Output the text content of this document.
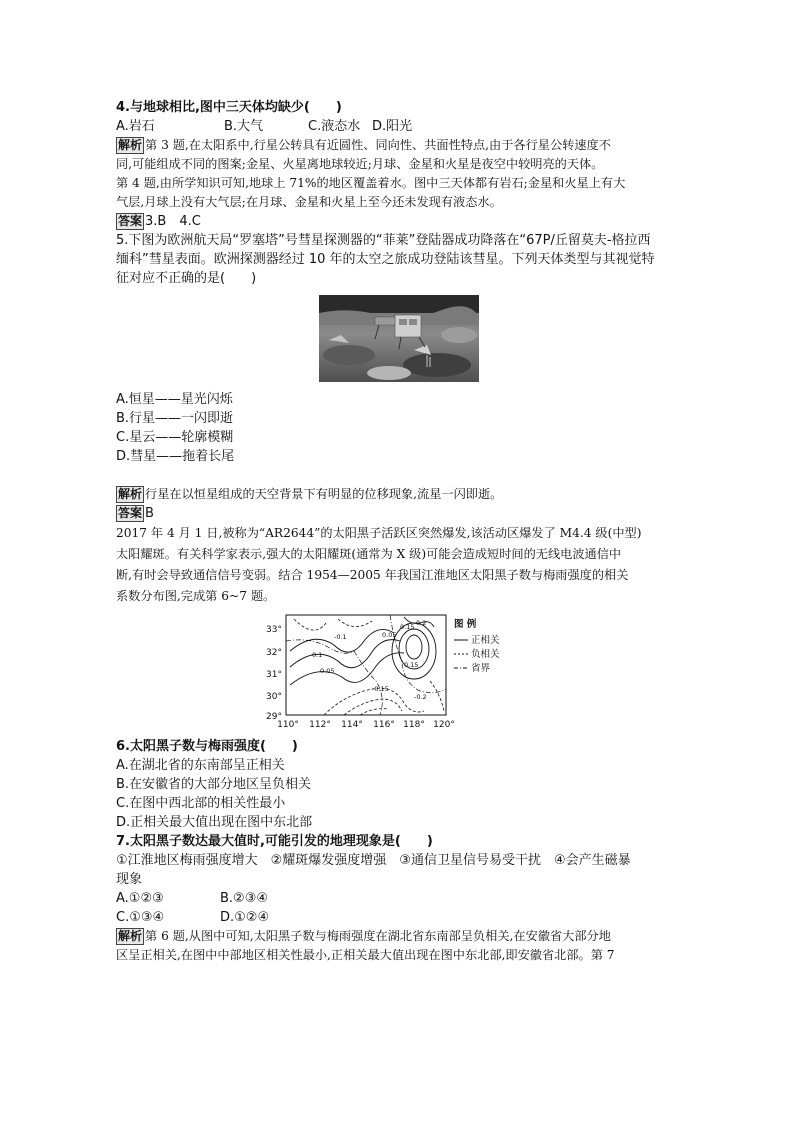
4.与地球相比,图中三天体均缺少(　　)
A.岩石	B.大气	C.液态水 D.阳光
解析 第 3 题,在太阳系中,行星公转具有近圆性、同向性、共面性特点,由于各行星公转速度不
同,可能组成不同的图案;金星、火星离地球较近;月球、金星和火星是夜空中较明亮的天体。
第 4 题,由所学知识可知,地球上 71%的地区覆盖着水。图中三天体都有岩石;金星和火星上有大
气层,月球上没有大气层;在月球、金星和火星上至今还未发现有液态水。
答案 3.B　4.C
5.下图为欧洲航天局“罗塞塔”号彗星探测器的“菲莱”登陆器成功降落在“67P/丘留莫夫-格拉西
缅科”彗星表面。欧洲探测器经过 10 年的太空之旅成功登陆该彗星。下列天体类型与其视觉特
征对应不正确的是(　　)
A.恒星——星光闪烁
B.行星——一闪即逝
C.星云——轮廓模糊
D.彗星——拖着长尾
解析 行星在以恒星组成的天空背景下有明显的位移现象,流星一闪即逝。
答案 B
2017 年 4 月 1 日,被称为“AR2644”的太阳黑子活跃区突然爆发,该活动区爆发了 M4.4 级(中型)
太阳耀斑。有关科学家表示,强大的太阳耀斑(通常为 X 级)可能会造成短时间的无线电波通信中
断,有时会导致通信信号变弱。结合 1954—2005 年我国江淮地区太阳黑子数与梅雨强度的相关
系数分布图,完成第 6~7 题。
33°
32°
31°
30°
29°
110° 112° 114° 116° 118° 120°
0.1
0.05
-0.1	0.05
0.15 0.2
-0.15
0.15
-0.2
图 例
正相关
负相关
省界
6.太阳黑子数与梅雨强度(　　)
A.在湖北省的东南部呈正相关
B.在安徽省的大部分地区呈负相关
C.在图中西北部的相关性最小
D.正相关最大值出现在图中东北部
7.太阳黑子数达最大值时,可能引发的地理现象是(　　)
①江淮地区梅雨强度增大　②耀斑爆发强度增强　③通信卫星信号易受干扰　④会产生磁暴
现象
A.①②③	B.②③④
C.①③④	D.①②④
解析 第 6 题,从图中可知,太阳黑子数与梅雨强度在湖北省东南部呈负相关,在安徽省大部分地
区呈正相关,在图中中部地区相关性最小,正相关最大值出现在图中东北部,即安徽省北部。第 7
